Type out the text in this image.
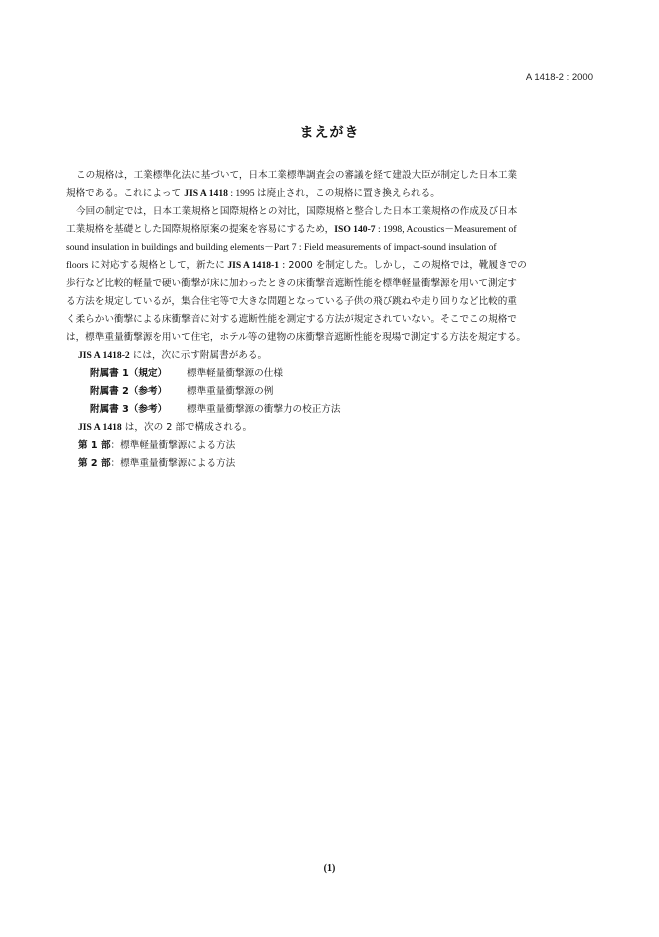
A 1418-2 : 2000
まえがき
この規格は，工業標準化法に基づいて，日本工業標準調査会の審議を経て建設大臣が制定した日本工業
規格である。これによって JIS A 1418 : 1995 は廃止され，この規格に置き換えられる。
今回の制定では，日本工業規格と国際規格との対比，国際規格と整合した日本工業規格の作成及び日本
工業規格を基礎とした国際規格原案の提案を容易にするため，ISO 140-7 : 1998, Acoustics－Measurement of
sound insulation in buildings and building elements－Part 7 : Field measurements of impact-sound insulation of
floors に対応する規格として，新たに JIS A 1418-1 : 2000 を制定した。しかし，この規格では，靴履きでの
歩行など比較的軽量で硬い衝撃が床に加わったときの床衝撃音遮断性能を標準軽量衝撃源を用いて測定す
る方法を規定しているが，集合住宅等で大きな問題となっている子供の飛び跳ねや走り回りなど比較的重
く柔らかい衝撃による床衝撃音に対する遮断性能を測定する方法が規定されていない。そこでこの規格で
は，標準重量衝撃源を用いて住宅，ホテル等の建物の床衝撃音遮断性能を現場で測定する方法を規定する。
JIS A 1418-2 には，次に示す附属書がある。
附属書 1（規定） 標準軽量衝撃源の仕様
附属書 2（参考） 標準重量衝撃源の例
附属書 3（参考） 標準重量衝撃源の衝撃力の校正方法
JIS A 1418 は，次の 2 部で構成される。
第 1 部：標準軽量衝撃源による方法
第 2 部：標準重量衝撃源による方法
(1)
